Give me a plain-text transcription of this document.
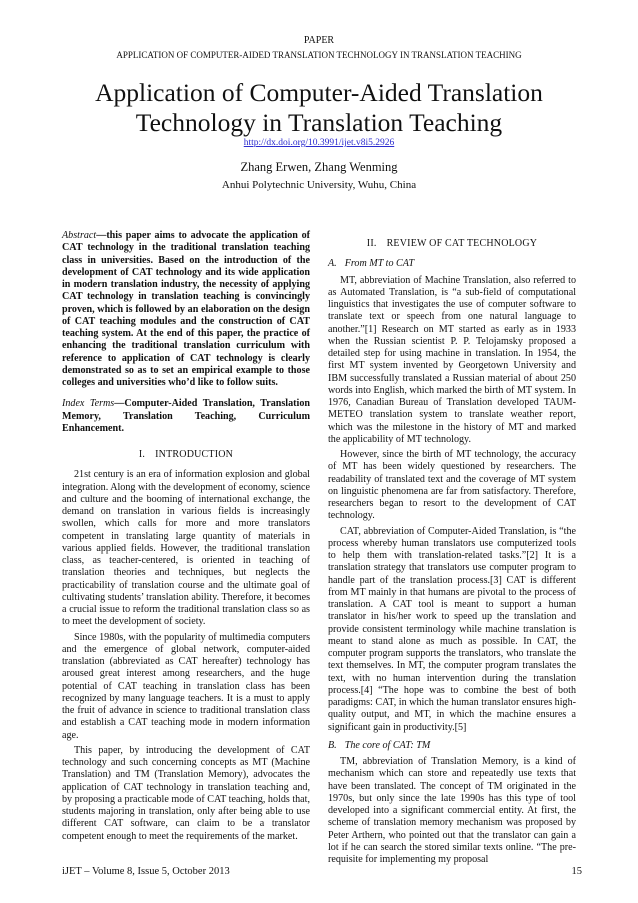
PAPER
APPLICATION OF COMPUTER-AIDED TRANSLATION TECHNOLOGY IN TRANSLATION TEACHING
Application of Computer-Aided Translation
Technology in Translation Teaching
http://dx.doi.org/10.3991/ijet.v8i5.2926
Zhang Erwen, Zhang Wenming
Anhui Polytechnic University, Wuhu, China

Abstract—this paper aims to advocate the application of CAT technology in the traditional translation teaching class in universities. Based on the introduction of the development of CAT technology and its wide application in modern translation industry, the necessity of applying CAT technology in translation teaching is convincingly proven, which is followed by an elaboration on the design of CAT teaching modules and the construction of CAT teaching system. At the end of this paper, the practice of enhancing the traditional translation curriculum with reference to application of CAT technology is clearly demonstrated so as to set an empirical example to those colleges and universities who’d like to follow suits.

Index Terms—Computer-Aided Translation, Translation Memory, Translation Teaching, Curriculum Enhancement.

I. INTRODUCTION

21st century is an era of information explosion and global integration. Along with the development of economy, science and culture and the booming of international exchange, the demand on translation in various fields is increasingly swollen, which calls for more and more translators competent in translating large quantity of materials in various applied fields. However, the traditional translation class, as teacher-centered, is oriented in teaching of translation theories and techniques, but neglects the practicability of translation course and the ultimate goal of cultivating students’ translation ability. Therefore, it becomes a crucial issue to reform the traditional translation class so as to meet the development of society.

Since 1980s, with the popularity of multimedia computers and the emergence of global network, computer-aided translation (abbreviated as CAT hereafter) technology has aroused great interest among researchers, and the huge potential of CAT teaching in translation class has been recognized by many language teachers. It is a must to apply the fruit of advance in science to traditional translation class and establish a CAT teaching mode in modern information age.

This paper, by introducing the development of CAT technology and such concerning concepts as MT (Machine Translation) and TM (Translation Memory), advocates the application of CAT technology in translation teaching and, by proposing a practicable mode of CAT teaching, holds that, students majoring in translation, only after being able to use different CAT software, can claim to be a translator competent enough to meet the requirements of the market.

II. REVIEW OF CAT TECHNOLOGY
A. From MT to CAT

MT, abbreviation of Machine Translation, also referred to as Automated Translation, is “a sub-field of computational linguistics that investigates the use of computer software to translate text or speech from one natural language to another.”[1] Research on MT started as early as in 1933 when the Russian scientist P. P. Telojamsky proposed a detailed step for using machine in translation. In 1954, the first MT system invented by Georgetown University and IBM successfully translated a Russian material of about 250 words into English, which marked the birth of MT system. In 1976, Canadian Bureau of Translation developed TAUM-METEO translation system to translate weather report, which was the milestone in the history of MT and marked the applicability of MT technology.

However, since the birth of MT technology, the accuracy of MT has been widely questioned by researchers. The readability of translated text and the coverage of MT system on linguistic phenomena are far from satisfactory. Therefore, researchers began to resort to the development of CAT technology.

CAT, abbreviation of Computer-Aided Translation, is “the process whereby human translators use computerized tools to help them with translation-related tasks.”[2] It is a translation strategy that translators use computer program to handle part of the translation process.[3] CAT is different from MT mainly in that humans are pivotal to the process of translation. A CAT tool is meant to support a human translator in his/her work to speed up the translation and provide consistent terminology while machine translation is meant to stand alone as much as possible. In CAT, the computer program supports the translators, who translate the text themselves. In MT, the computer program translates the text, with no human intervention during the translation process.[4] “The hope was to combine the best of both paradigms: CAT, in which the human translator ensures high-quality output, and MT, in which the machine ensures a significant gain in productivity.[5]

B. The core of CAT: TM

TM, abbreviation of Translation Memory, is a kind of mechanism which can store and repeatedly use texts that have been translated. The concept of TM originated in the 1970s, but only since the late 1990s has this type of tool developed into a significant commercial entity. At first, the scheme of translation memory mechanism was proposed by Peter Arthern, who pointed out that the translator can gain a lot if he can search the stored similar texts online. “The pre-requisite for implementing my proposal

iJET – Volume 8, Issue 5, October 2013	15
